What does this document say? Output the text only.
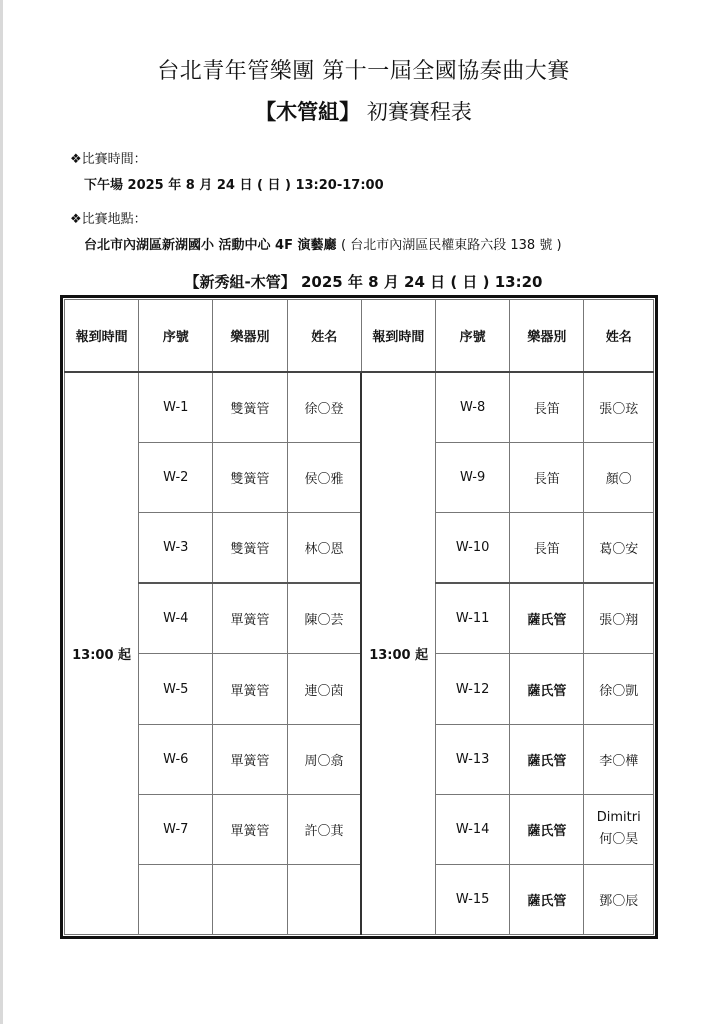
台北青年管樂團 第十一屆全國協奏曲大賽
【木管組】 初賽賽程表
❖比賽時間：
下午場 2025 年 8 月 24 日 ( 日 ) 13:20-17:00
❖比賽地點：
台北市內湖區新湖國小 活動中心 4F 演藝廳 ( 台北市內湖區民權東路六段 138 號 )
【新秀組-木管】 2025 年 8 月 24 日 ( 日 ) 13:20
報到時間	序號	樂器別	姓名	報到時間	序號	樂器別	姓名
13:00 起	W-1	雙簧管	徐〇登	13:00 起	W-8	長笛	張〇玹
	W-2	雙簧管	侯〇雅		W-9	長笛	顏〇
	W-3	雙簧管	林〇恩		W-10	長笛	葛〇安
	W-4	單簧管	陳〇芸		W-11	薩氏管	張〇翔
	W-5	單簧管	連〇茵		W-12	薩氏管	徐〇凱
	W-6	單簧管	周〇翕		W-13	薩氏管	李〇樺
	W-7	單簧管	許〇萁		W-14	薩氏管	Dimitri
何〇昊

					W-15	薩氏管	鄧〇辰
